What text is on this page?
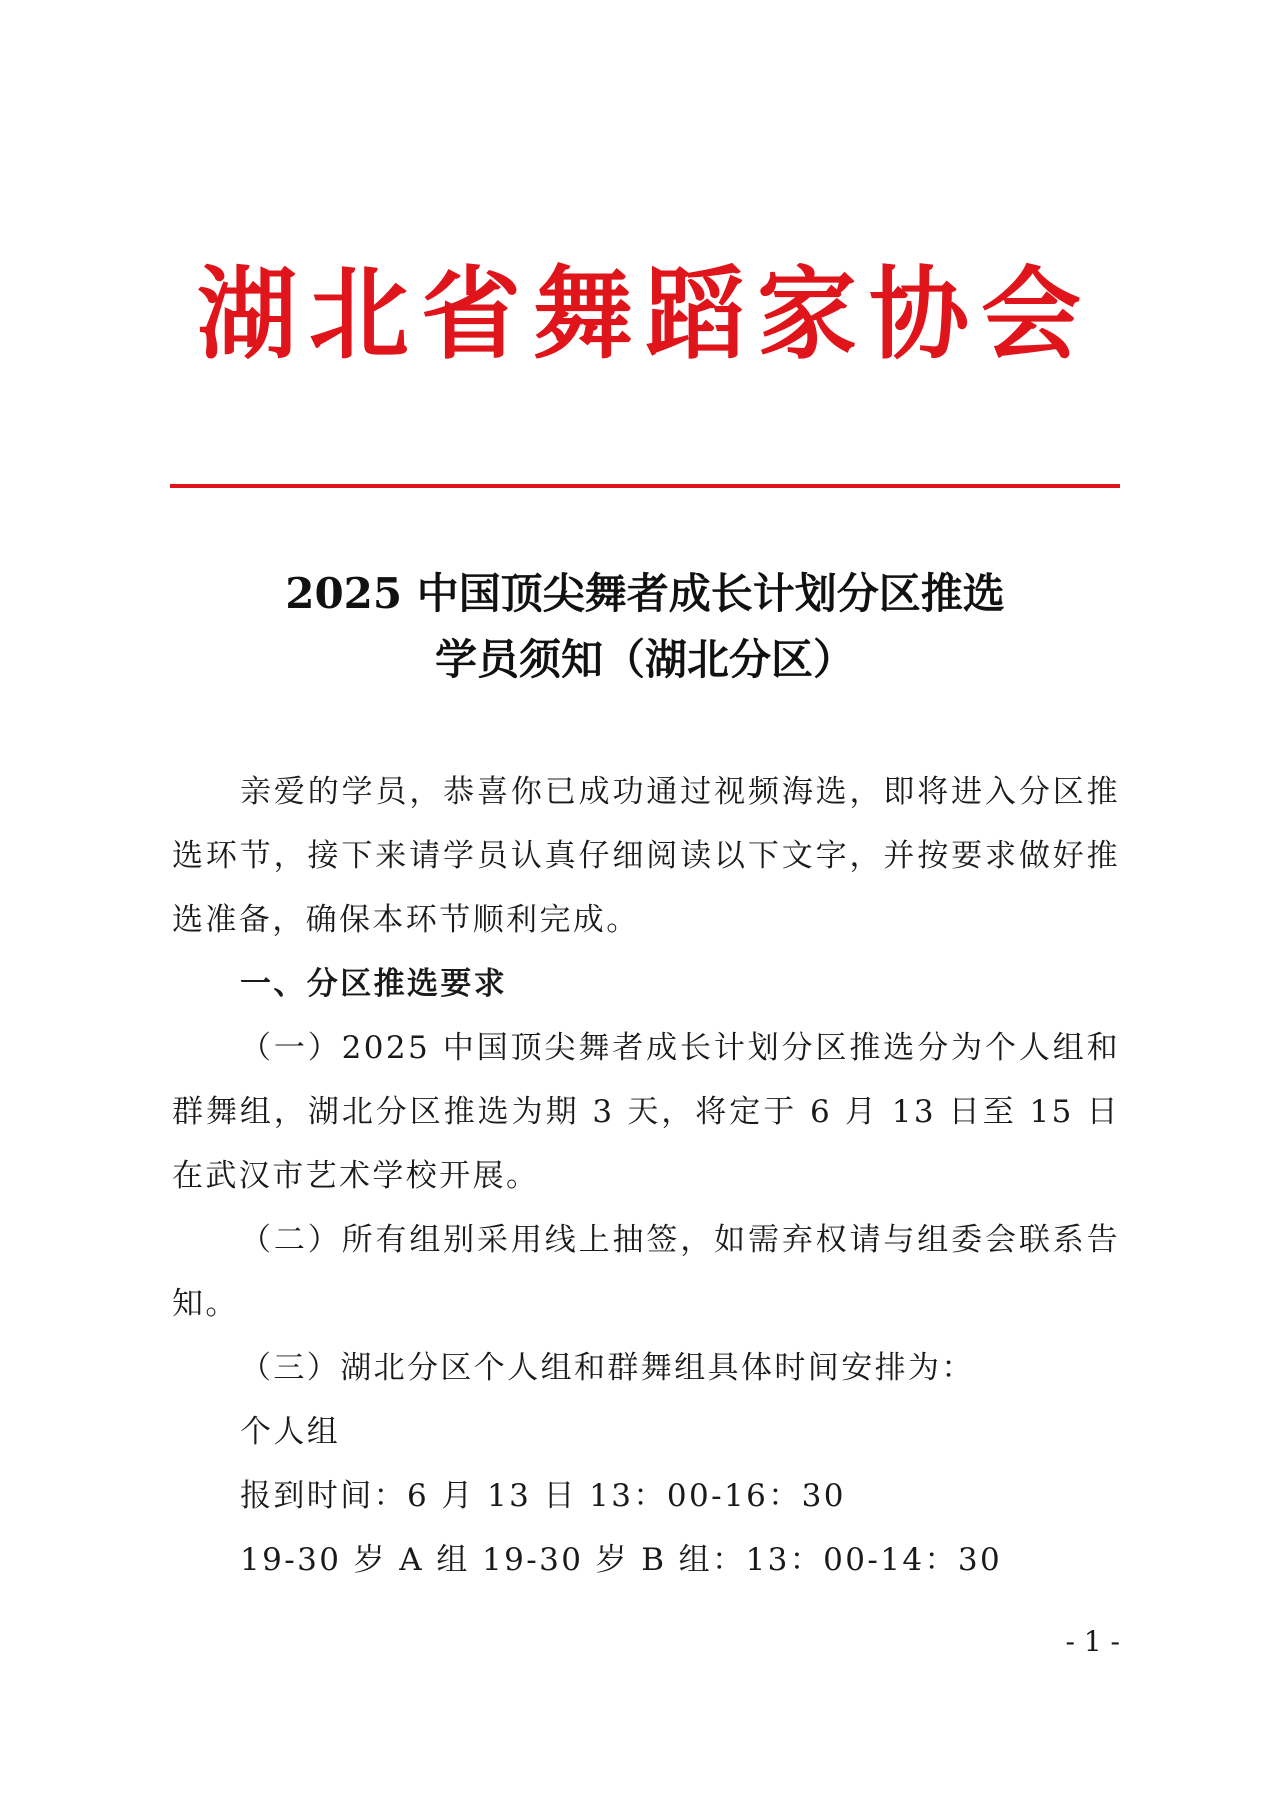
湖北省舞蹈家协会
2025 中国顶尖舞者成长计划分区推选
学员须知（湖北分区）

亲爱的学员，恭喜你已成功通过视频海选，即将进入分区推选环节，接下来请学员认真仔细阅读以下文字，并按要求做好推选准备，确保本环节顺利完成。

一、分区推选要求

（一）2025 中国顶尖舞者成长计划分区推选分为个人组和群舞组，湖北分区推选为期 3 天，将定于 6 月 13 日至 15 日在武汉市艺术学校开展。

（二）所有组别采用线上抽签，如需弃权请与组委会联系告知。

（三）湖北分区个人组和群舞组具体时间安排为：

个人组

报到时间：6 月 13 日 13：00-16：30

19-30 岁 A 组 19-30 岁 B 组：13：00-14：30

- 1 -
